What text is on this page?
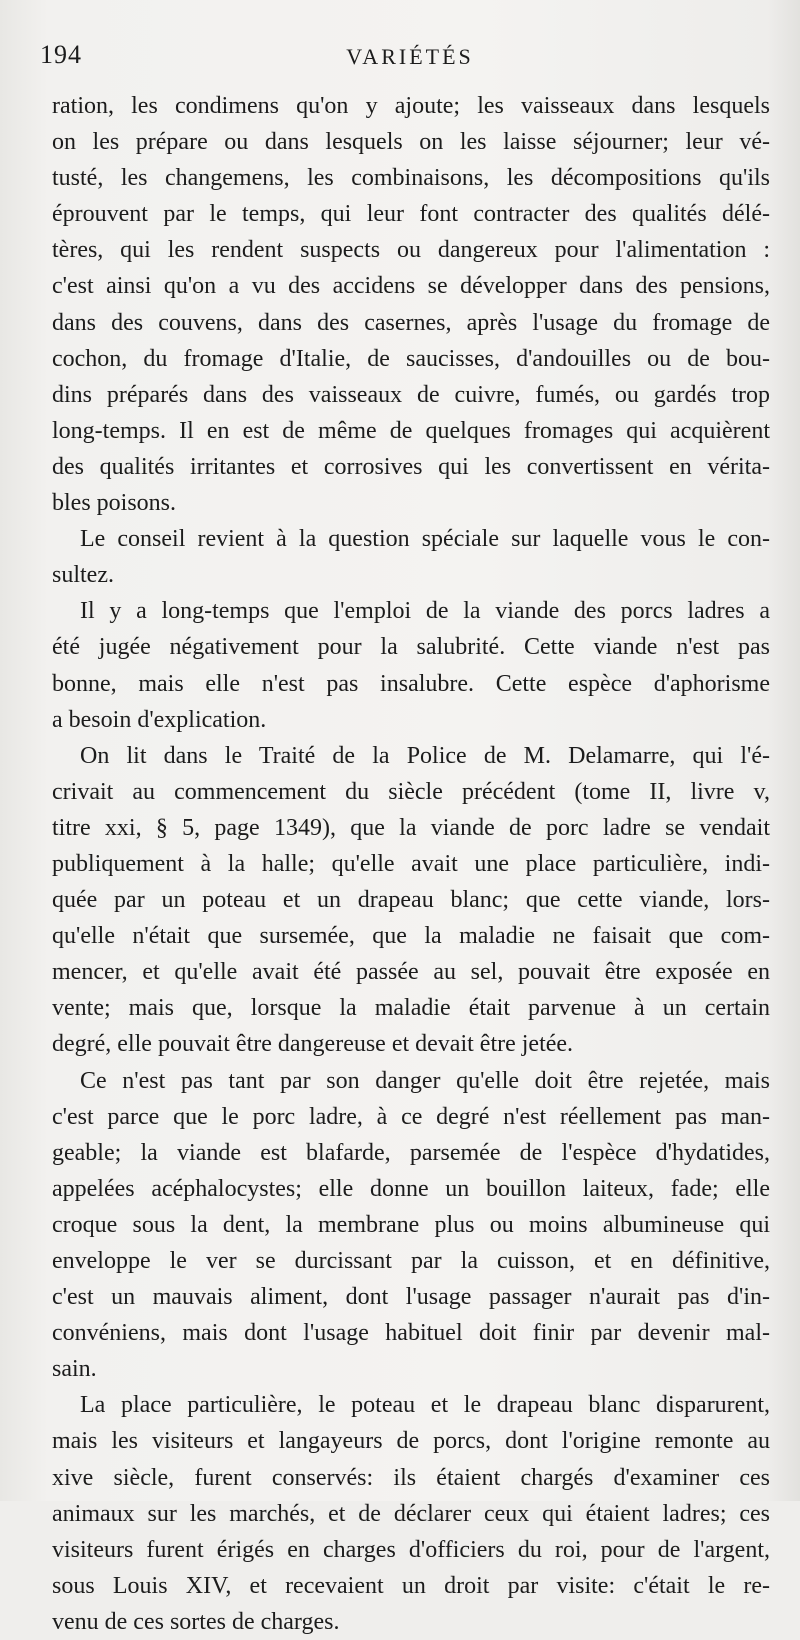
194	VARIÉTÉS
ration, les condimens qu'on y ajoute; les vaisseaux dans lesquels
on les prépare ou dans lesquels on les laisse séjourner; leur vé-
tusté, les changemens, les combinaisons, les décompositions qu'ils
éprouvent par le temps, qui leur font contracter des qualités délé-
tères, qui les rendent suspects ou dangereux pour l'alimentation :
c'est ainsi qu'on a vu des accidens se développer dans des pensions,
dans des couvens, dans des casernes, après l'usage du fromage de
cochon, du fromage d'Italie, de saucisses, d'andouilles ou de bou-
dins préparés dans des vaisseaux de cuivre, fumés, ou gardés trop
long-temps. Il en est de même de quelques fromages qui acquièrent
des qualités irritantes et corrosives qui les convertissent en vérita-
bles poisons.
Le conseil revient à la question spéciale sur laquelle vous le con-
sultez.
Il y a long-temps que l'emploi de la viande des porcs ladres a
été jugée négativement pour la salubrité. Cette viande n'est pas
bonne, mais elle n'est pas insalubre. Cette espèce d'aphorisme
a besoin d'explication.
On lit dans le Traité de la Police de M. Delamarre, qui l'é-
crivait au commencement du siècle précédent (tome II, livre v,
titre xxi, § 5, page 1349), que la viande de porc ladre se vendait
publiquement à la halle; qu'elle avait une place particulière, indi-
quée par un poteau et un drapeau blanc; que cette viande, lors-
qu'elle n'était que sursemée, que la maladie ne faisait que com-
mencer, et qu'elle avait été passée au sel, pouvait être exposée en
vente; mais que, lorsque la maladie était parvenue à un certain
degré, elle pouvait être dangereuse et devait être jetée.
Ce n'est pas tant par son danger qu'elle doit être rejetée, mais
c'est parce que le porc ladre, à ce degré n'est réellement pas man-
geable; la viande est blafarde, parsemée de l'espèce d'hydatides,
appelées acéphalocystes; elle donne un bouillon laiteux, fade; elle
croque sous la dent, la membrane plus ou moins albumineuse qui
enveloppe le ver se durcissant par la cuisson, et en définitive,
c'est un mauvais aliment, dont l'usage passager n'aurait pas d'in-
convéniens, mais dont l'usage habituel doit finir par devenir mal-
sain.
La place particulière, le poteau et le drapeau blanc disparurent,
mais les visiteurs et langayeurs de porcs, dont l'origine remonte au
xive siècle, furent conservés: ils étaient chargés d'examiner ces
animaux sur les marchés, et de déclarer ceux qui étaient ladres; ces
visiteurs furent érigés en charges d'officiers du roi, pour de l'argent,
sous Louis XIV, et recevaient un droit par visite: c'était le re-
venu de ces sortes de charges.
